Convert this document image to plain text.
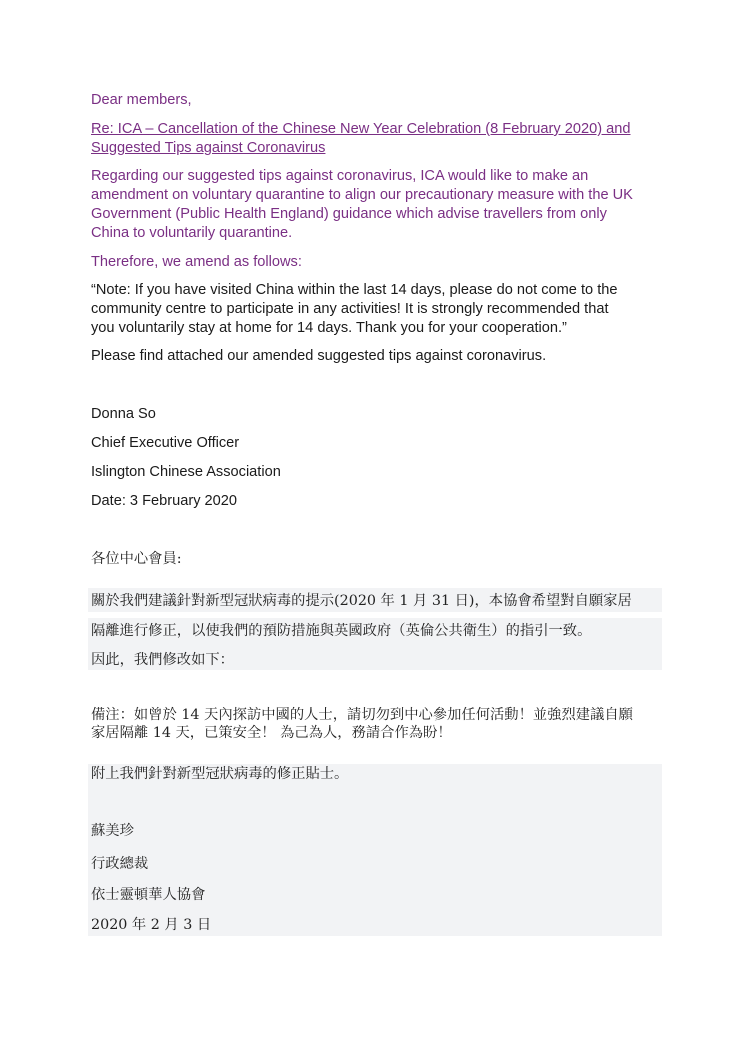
Dear members,
Re: ICA – Cancellation of the Chinese New Year Celebration (8 February 2020) and
Suggested Tips against Coronavirus
Regarding our suggested tips against coronavirus, ICA would like to make an
amendment on voluntary quarantine to align our precautionary measure with the UK
Government (Public Health England) guidance which advise travellers from only
China to voluntarily quarantine.
Therefore, we amend as follows:
“Note: If you have visited China within the last 14 days, please do not come to the
community centre to participate in any activities! It is strongly recommended that
you voluntarily stay at home for 14 days. Thank you for your cooperation.”
Please find attached our amended suggested tips against coronavirus.
Donna So
Chief Executive Officer
Islington Chinese Association
Date: 3 February 2020
各位中心會員:
關於我們建議針對新型冠狀病毒的提示(2020 年 1 月 31 日)，本協會希望對自願家居
隔離進行修正，以使我們的預防措施與英國政府（英倫公共衛生）的指引一致。
因此，我們修改如下：
備注：如曾於 14 天內探訪中國的人士，請切勿到中心參加任何活動！並強烈建議自願
家居隔離 14 天，已策安全！ 為己為人，務請合作為盼！
附上我們針對新型冠狀病毒的修正貼士。
蘇美珍
行政總裁
依士靈頓華人協會
2020 年 2 月 3 日
